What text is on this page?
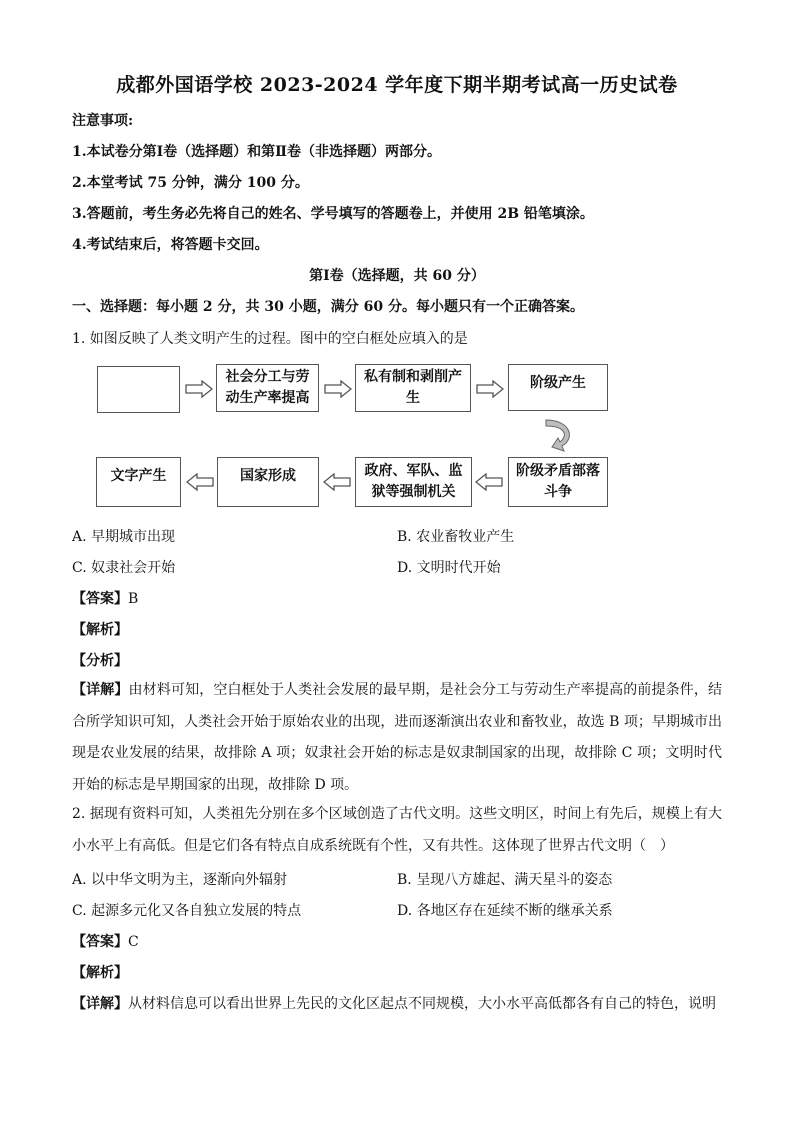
成都外国语学校 2023-2024 学年度下期半期考试高一历史试卷
注意事项:
1.本试卷分第Ⅰ卷（选择题）和第Ⅱ卷（非选择题）两部分。
2.本堂考试 75 分钟，满分 100 分。
3.答题前，考生务必先将自己的姓名、学号填写的答题卷上，并使用 2B 铅笔填涂。
4.考试结束后，将答题卡交回。
第Ⅰ卷（选择题，共 60 分）
一、选择题：每小题 2 分，共 30 小题，满分 60 分。每小题只有一个正确答案。
1. 如图反映了人类文明产生的过程。图中的空白框处应填入的是
社会分工与劳动生产率提高
私有制和剥削产生
阶级产生
文字产生	国家形成	政府、军队、监狱等强制机关
阶级矛盾部落斗争
A. 早期城市出现	B. 农业畜牧业产生
C. 奴隶社会开始	D. 文明时代开始
【答案】B
【解析】
【分析】
【详解】由材料可知，空白框处于人类社会发展的最早期，是社会分工与劳动生产率提高的前提条件，结合所学知识可知，人类社会开始于原始农业的出现，进而逐渐演出农业和畜牧业，故选 B 项；早期城市出现是农业发展的结果，故排除 A 项；奴隶社会开始的标志是奴隶制国家的出现，故排除 C 项；文明时代开始的标志是早期国家的出现，故排除 D 项。
2. 据现有资料可知，人类祖先分别在多个区域创造了古代文明。这些文明区，时间上有先后，规模上有大小水平上有高低。但是它们各有特点自成系统既有个性，又有共性。这体现了世界古代文明（　）
A. 以中华文明为主，逐渐向外辐射	B. 呈现八方雄起、满天星斗的姿态
C. 起源多元化又各自独立发展的特点	D. 各地区存在延续不断的继承关系
【答案】C
【解析】
【详解】从材料信息可以看出世界上先民的文化区起点不同规模，大小水平高低都各有自己的特色，说明
